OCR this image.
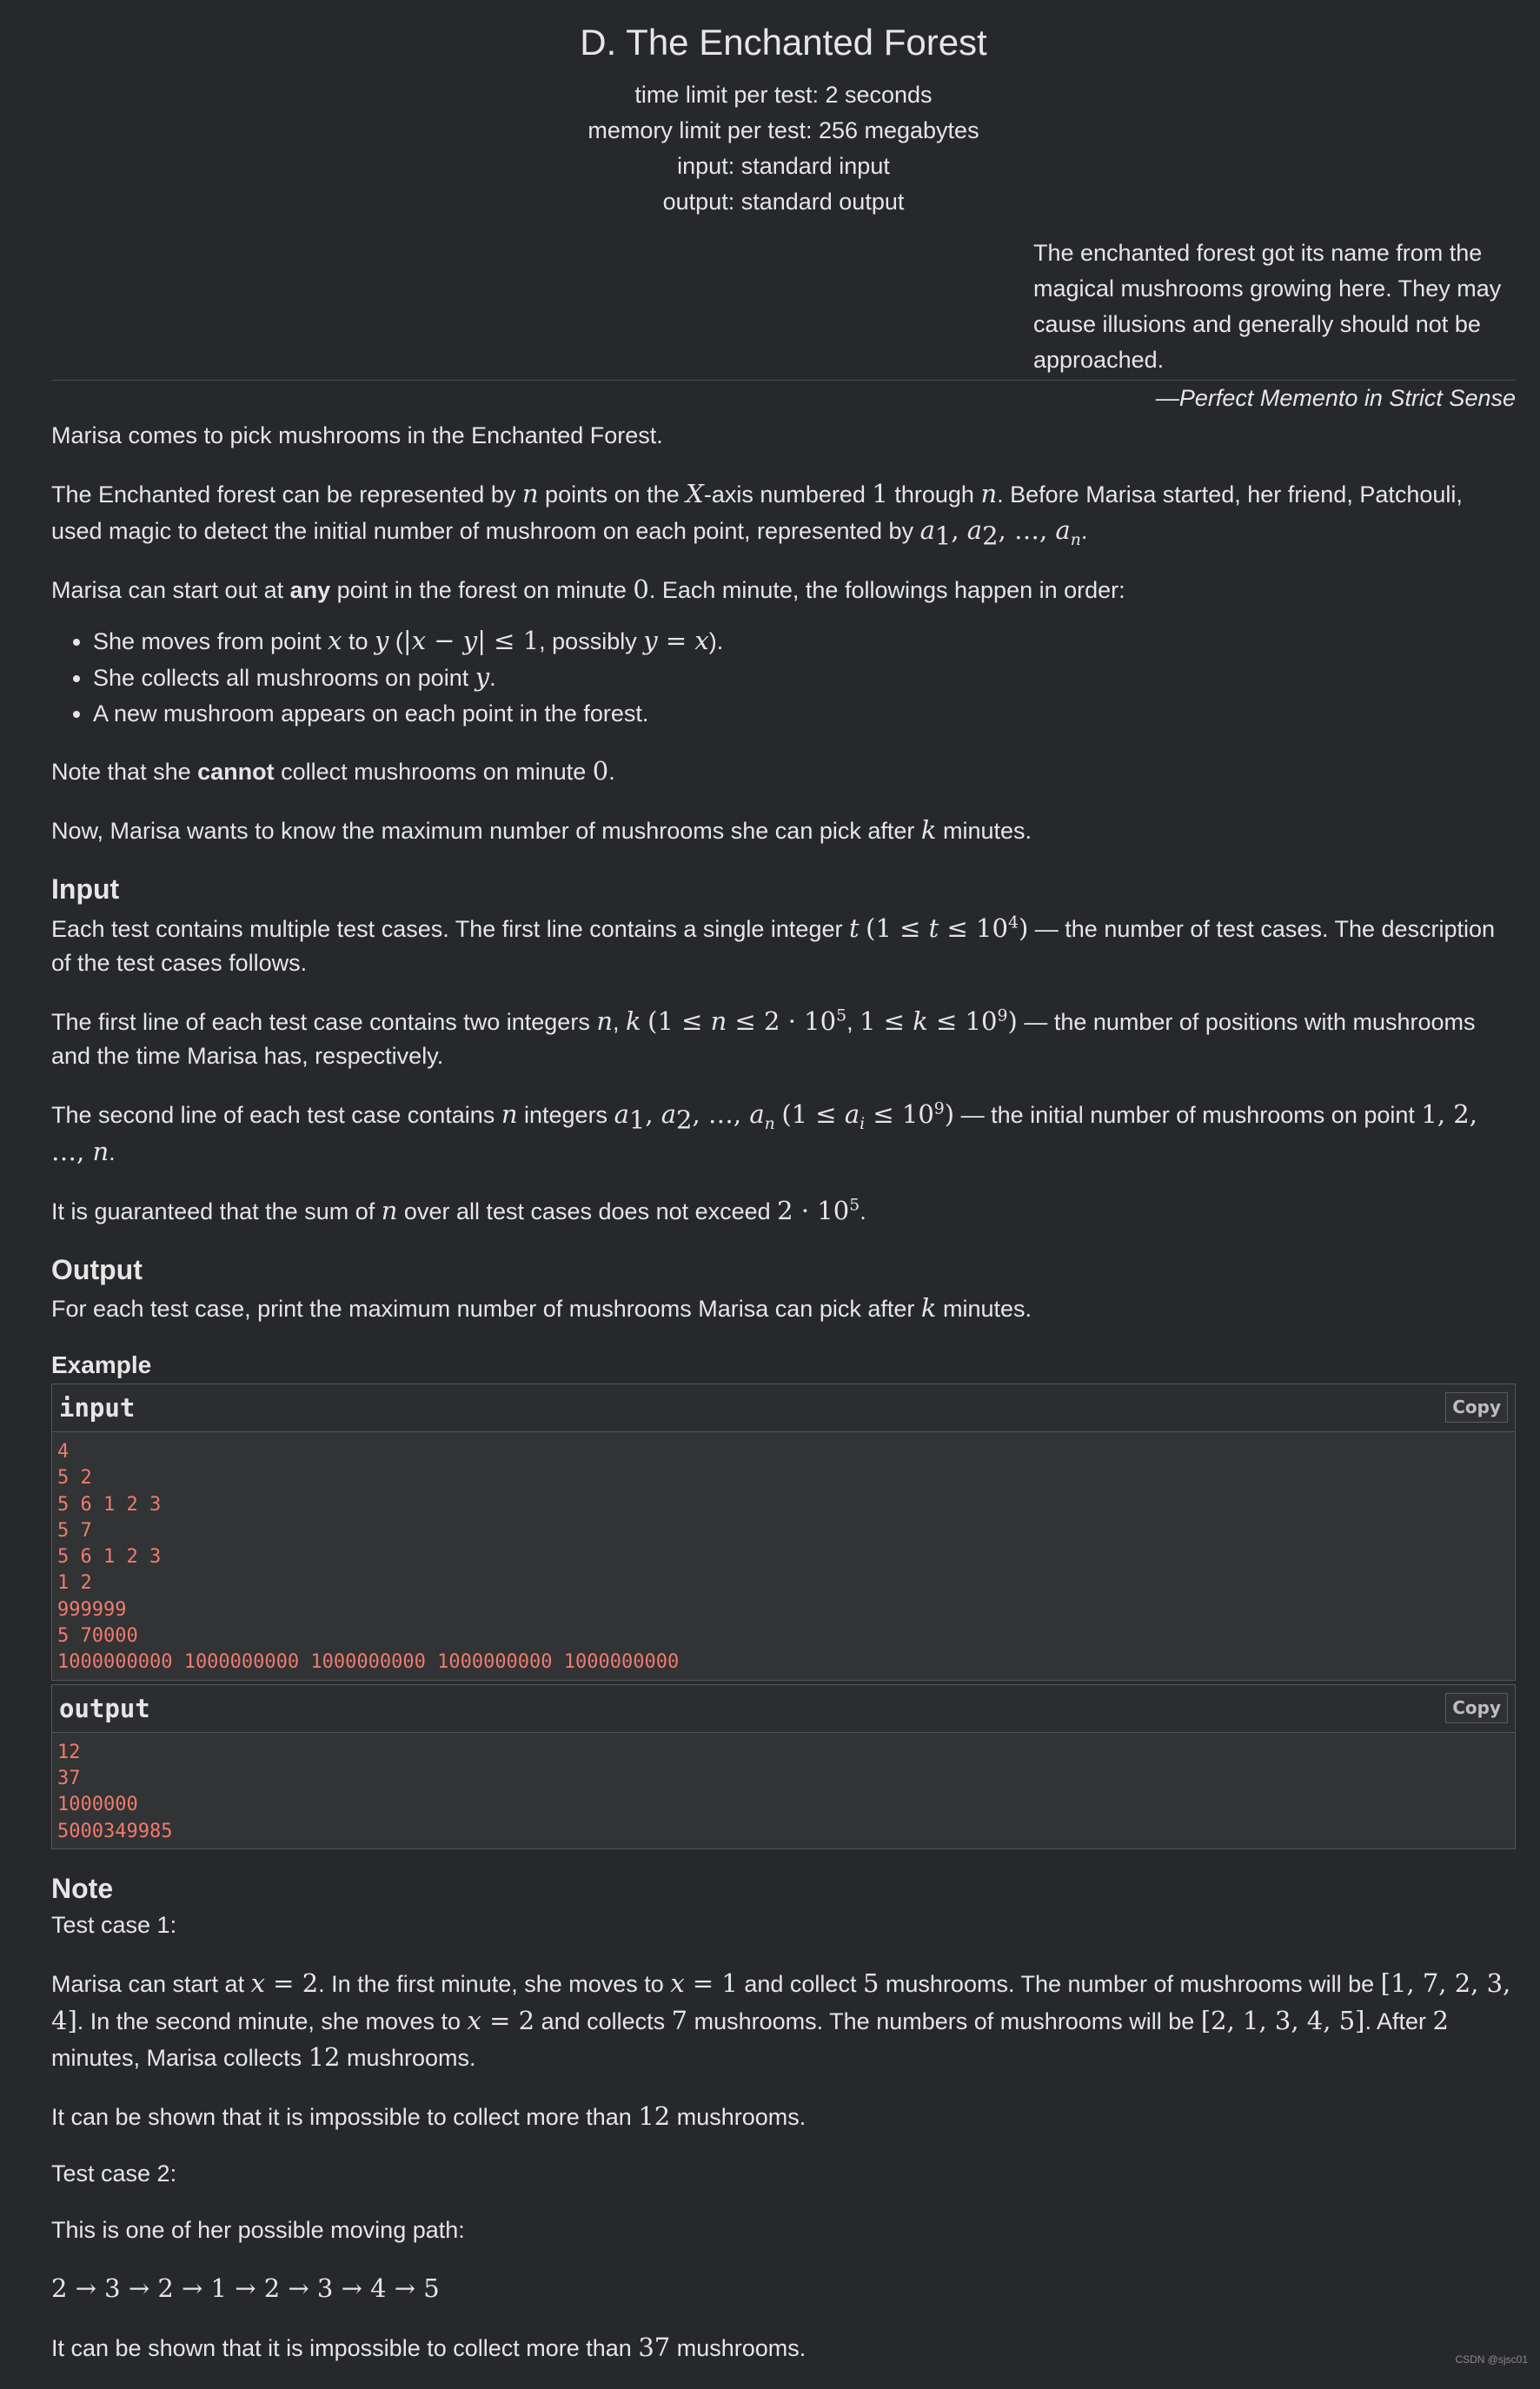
D. The Enchanted Forest
time limit per test: 2 seconds
memory limit per test: 256 megabytes
input: standard input
output: standard output
The enchanted forest got its name from the magical mushrooms growing here. They may cause illusions and generally should not be approached.
—Perfect Memento in Strict Sense

Marisa comes to pick mushrooms in the Enchanted Forest.

The Enchanted forest can be represented by n points on the X-axis numbered 1 through n. Before Marisa started, her friend, Patchouli, used magic to detect the initial number of mushroom on each point, represented by $a_1$, $a_2$, …, $a_n$.

Marisa can start out at any point in the forest on minute 0. Each minute, the followings happen in order:

• She moves from point x to y (|x − y| ≤ 1, possibly y = x).
• She collects all mushrooms on point y.
• A new mushroom appears on each point in the forest.

Note that she cannot collect mushrooms on minute 0.

Now, Marisa wants to know the maximum number of mushrooms she can pick after k minutes.

Input

Each test contains multiple test cases. The first line contains a single integer t $(1 \le t \le 10^4)$ — the number of test cases. The description of the test cases follows.

The first line of each test case contains two integers n, k ($1 \le n \le 2 \cdot 10^5$, $1 \le k \le 10^9$) — the number of positions with mushrooms and the time Marisa has, respectively.

The second line of each test case contains n integers $a_1$, $a_2$, …, $a_n$ $(1 \le a_i \le 10^9)$ — the initial number of mushrooms on point 1, 2, …, n.

It is guaranteed that the sum of n over all test cases does not exceed $2 \cdot 10^5$.

Output

For each test case, print the maximum number of mushrooms Marisa can pick after k minutes.

Example
input	Copy
4
5 2
5 6 1 2 3
5 7
5 6 1 2 3
1 2
999999
5 70000
1000000000 1000000000 1000000000 1000000000 1000000000
output	Copy
12
37
1000000
5000349985
Note

Test case 1:

Marisa can start at x = 2. In the first minute, she moves to x = 1 and collect 5 mushrooms. The number of mushrooms will be [1, 7, 2, 3, 4]. In the second minute, she moves to x = 2 and collects 7 mushrooms. The numbers of mushrooms will be [2, 1, 3, 4, 5]. After 2 minutes, Marisa collects 12 mushrooms.

It can be shown that it is impossible to collect more than 12 mushrooms.

Test case 2:

This is one of her possible moving path:

2 → 3 → 2 → 1 → 2 → 3 → 4 → 5

It can be shown that it is impossible to collect more than 37 mushrooms.	CSDN @sjsc01
